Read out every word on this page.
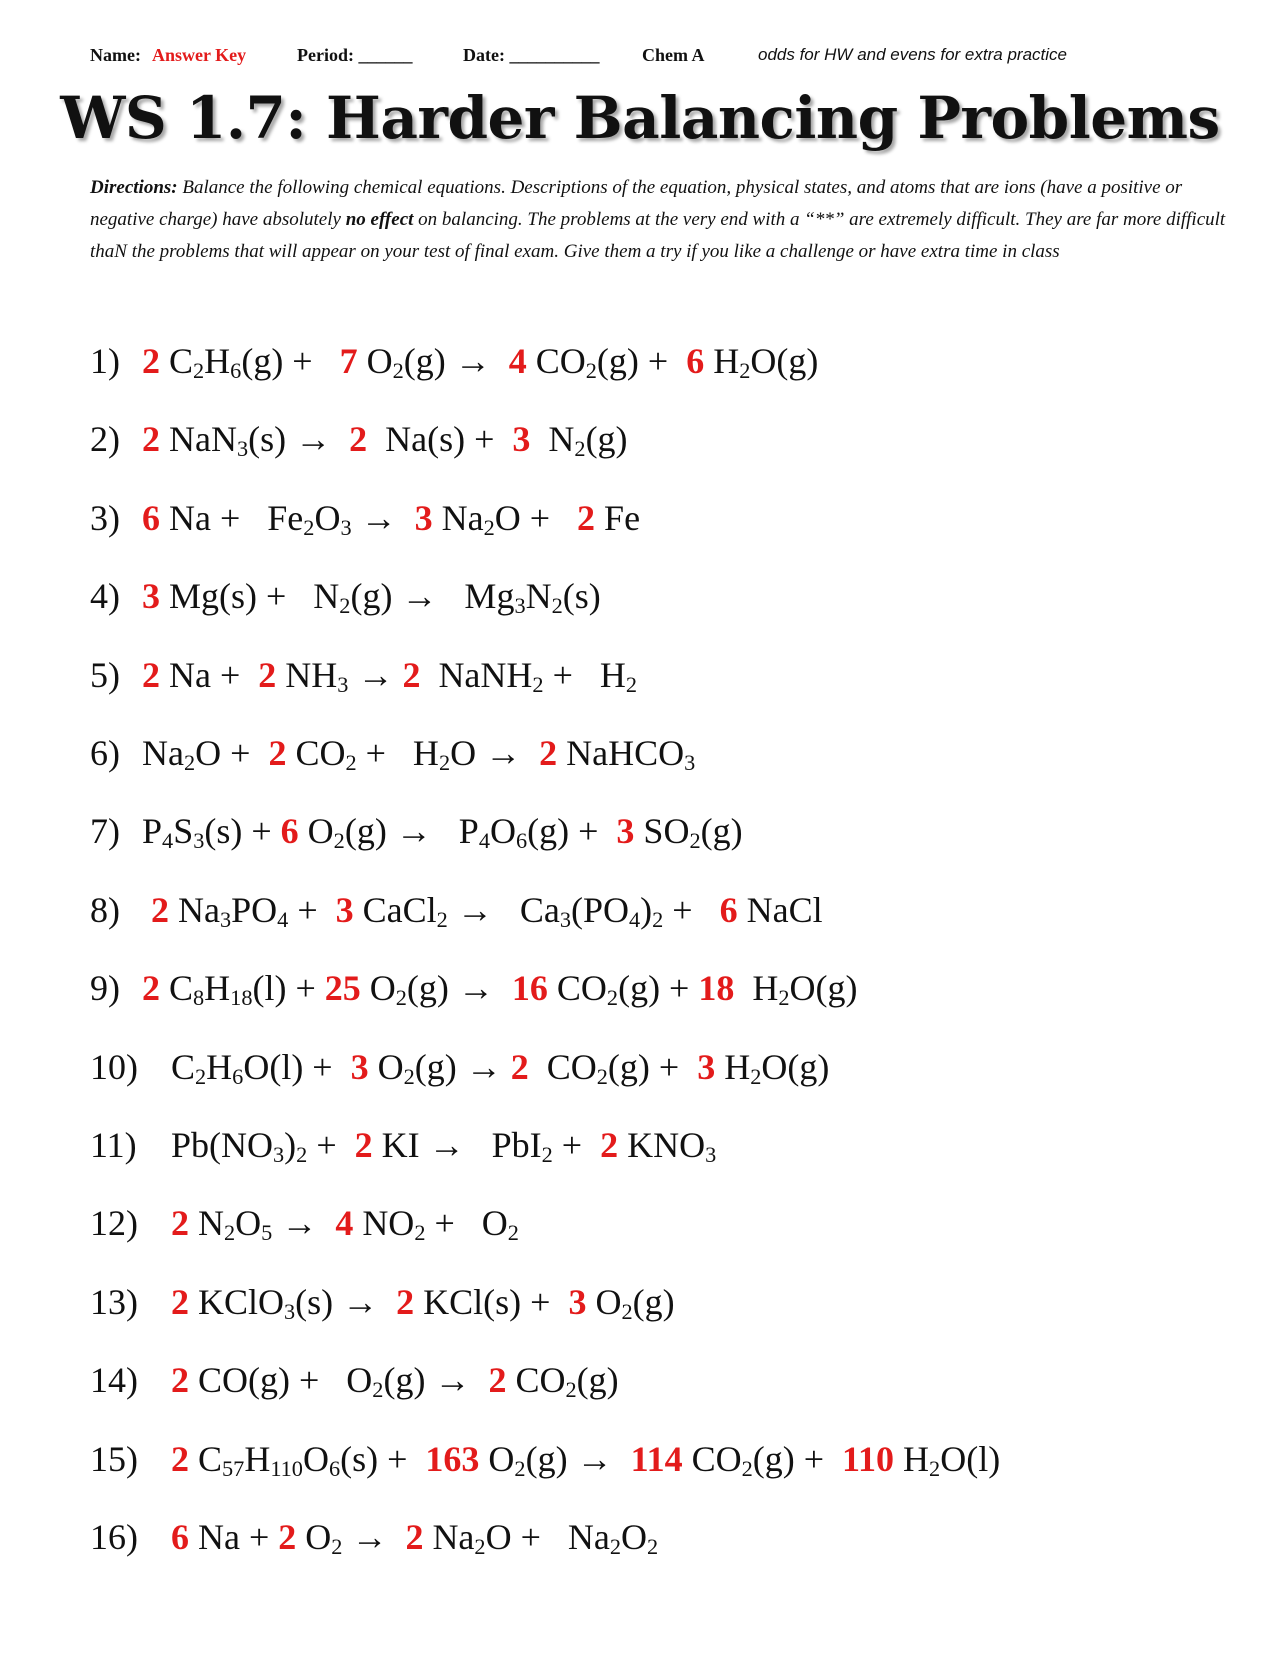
Name: Answer Key	Period: ______	Date: __________ Chem A	odds for HW and evens for extra practice
WS 1.7: Harder Balancing Problems
Directions: Balance the following chemical equations. Descriptions of the equation, physical states, and atoms that are ions (have a positive or negative charge) have absolutely no effect on balancing. The problems at the very end with a “**” are extremely difficult. They are far more difficult thaN the problems that will appear on your test of final exam. Give them a try if you like a challenge or have extra time in class
1) 2 $C_2H_6(g) + 7$ $O_2(g) \to 4$ $CO_2(g) + 6$ $H_2O(g)$
2) 2 NaN$_3$(s) →  2  Na(s) +  3  $N_2(g)$
3) 6 $Na + Fe_2O_3 \to 3$ $Na_2O + 2$ Fe
4) 3 $Mg(s) + N_2(g) \to Mg_3N_2(s)$
5) 2 Na +  2 $NH_3 \to 2$  NaNH$_2$ +   $H_2$
6) $Na_2O + 2$ $CO_2 + H_2O \to 2$ NaHCO$_3$
7) $P_4S_3(s) + 6$ $O_2(g) \to P_4O_6(g) + 3$ $SO_2(g)$
8) 2 $Na_3PO_4 + 3$ CaCl$_2$ →   $Ca_3(PO_4)_2 + 6$ NaCl
9) 2 $C_8H_{18}(l) + 25$ $O_2(g) \to 16$ $CO_2(g) + 18$  $H_2O(g)$
10) $C_2H_6O(l) + 3$ $O_2(g) \to 2$  $CO_2(g) + 3$ $H_2O(g)$
11) $Pb(NO_3)_2 + 2$ KI →   PbI$_2$ +  2 $KNO_3$
12) 2 $N_2O_5 \to 4$ $NO_2 + O_2$
13) 2 KClO$_3$(s) →  2 KCl(s) +  3 $O_2(g)$
14) 2 $CO(g) + O_2(g) \to 2$ $CO_2(g)$
15) 2 $C_{57}H_{110}O_6(s) + 163$ $O_2(g) \to 114$ $CO_2(g) + 110$ $H_2O(l)$
16) 6 Na + 2 $O_2 \to 2$ $Na_2O + Na_2O_2$
